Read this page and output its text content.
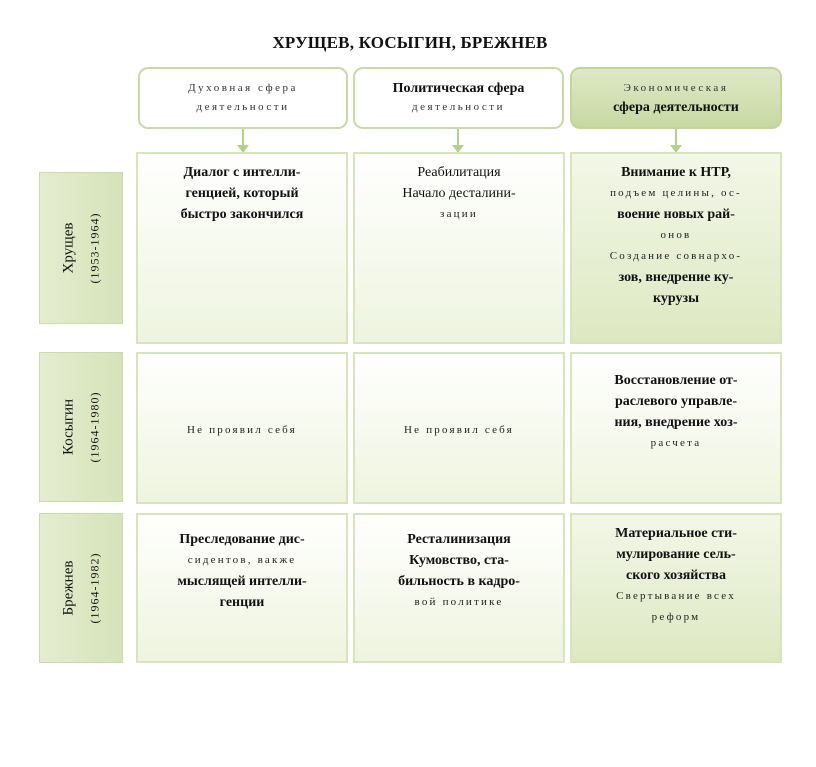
ХРУЩЕВ, КОСЫГИН, БРЕЖНЕВ
Духовная сфера
деятельности
Политическая сфера
деятельности
Экономическая
сфера деятельности
Хрущев (1953-1964)
Косыгин (1964-1980)
Брежнев (1964-1982)
Диалог с интелли-
генцией, который
быстро закончился
Реабилитация
Начало десталини-
зации
Внимание к НТР,
подъем целины, ос-
воение новых рай-
онов
Создание совнархо-
зов, внедрение ку-
курузы
Не проявил себя	Не проявил себя
Восстановление от-
раслевого управле-
ния, внедрение хоз-
расчета
Преследование дис-
сидентов, вакже
мыслящей интелли-
генции
Ресталинизация
Кумовство, ста-
бильность в кадро-
вой политике
Материальное сти-
мулирование сель-
ского хозяйства
Свертывание всех
реформ
